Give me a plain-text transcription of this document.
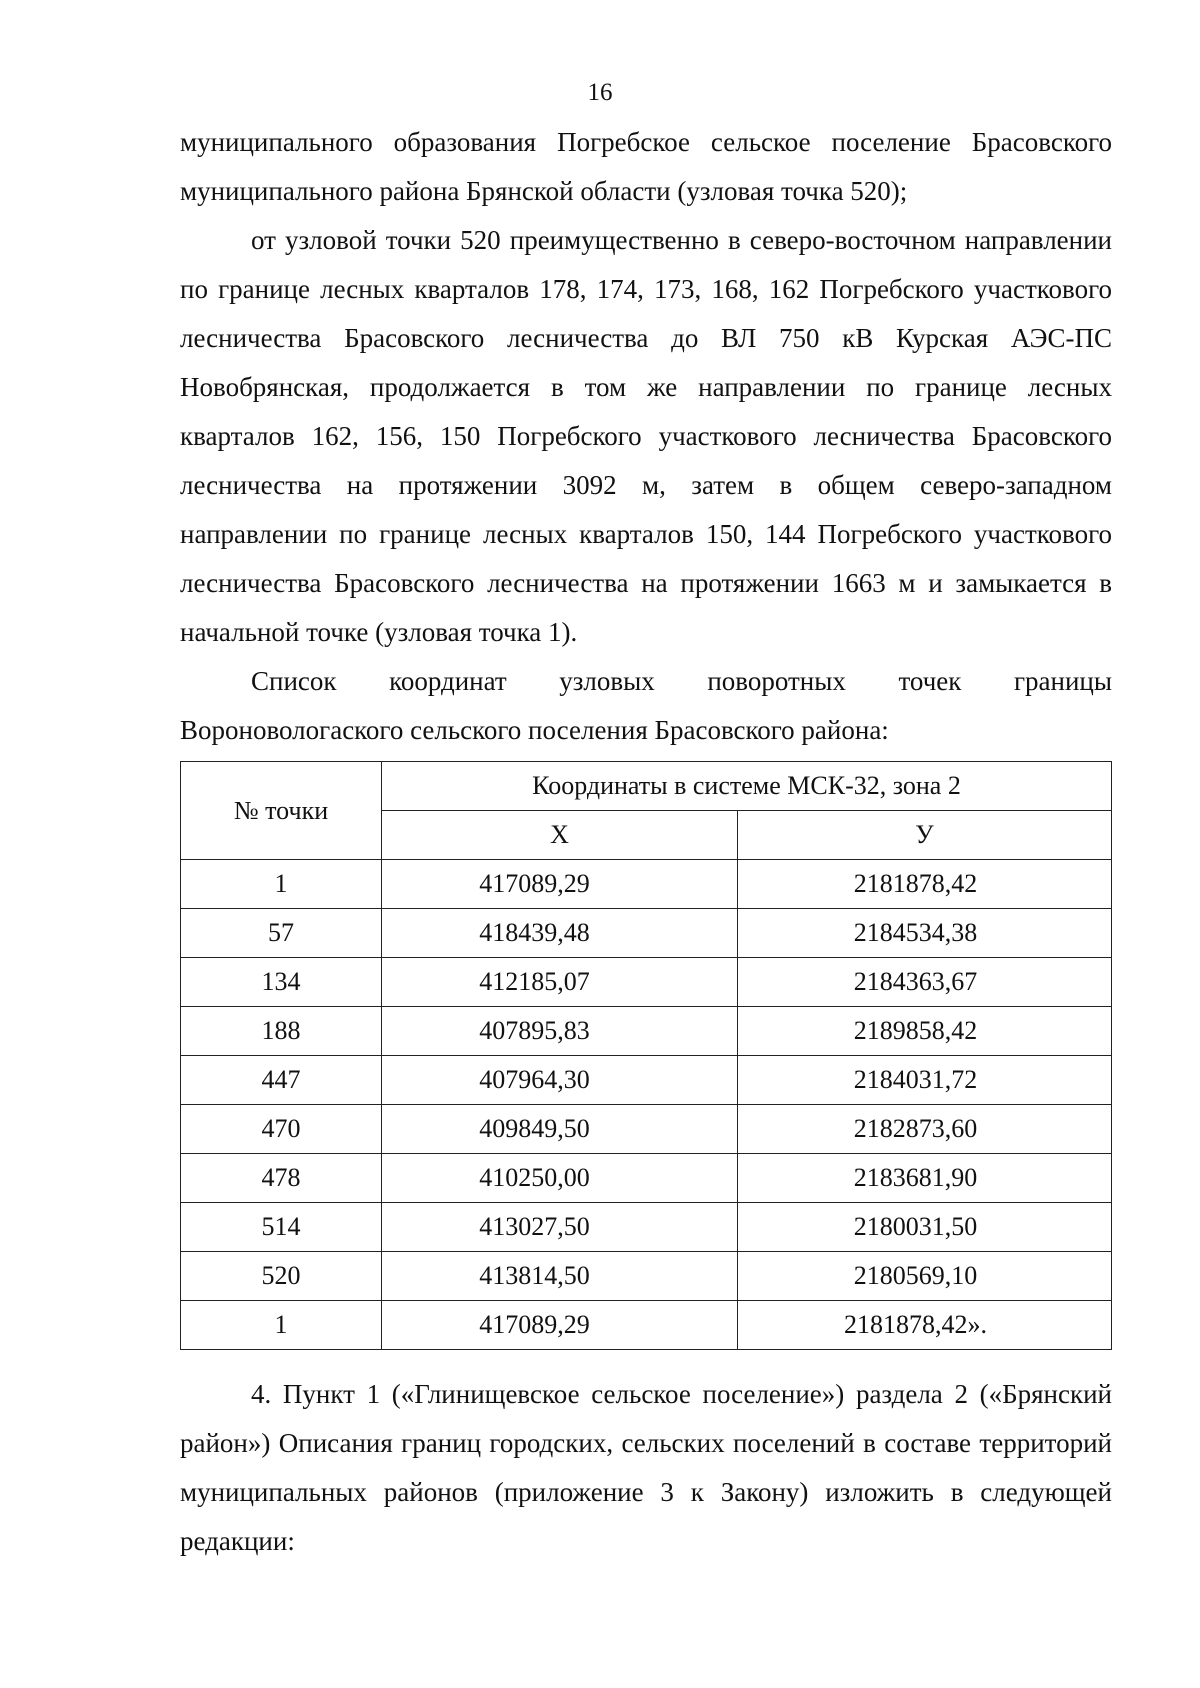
16

муниципального образования Погребское сельское поселение Брасовского муниципального района Брянской области (узловая точка 520);

от узловой точки 520 преимущественно в северо-восточном направлении по границе лесных кварталов 178, 174, 173, 168, 162 Погребского участкового лесничества Брасовского лесничества до ВЛ 750 кВ Курская АЭС-ПС Новобрянская, продолжается в том же направлении по границе лесных кварталов 162, 156, 150 Погребского участкового лесничества Брасовского лесничества на протяжении 3092 м, затем в общем северо-западном направлении по границе лесных кварталов 150, 144 Погребского участкового лесничества Брасовского лесничества на протяжении 1663 м и замыкается в начальной точке (узловая точка 1).

Список координат узловых поворотных точек границы Вороновологаского сельского поселения Брасовского района:

№ точки	Координаты в системе МСК-32, зона 2	
	Х	У
1	417089,29	2181878,42
57	418439,48	2184534,38
134	412185,07	2184363,67
188	407895,83	2189858,42
447	407964,30	2184031,72
470	409849,50	2182873,60
478	410250,00	2183681,90
514	413027,50	2180031,50
520	413814,50	2180569,10
1	417089,29	2181878,42».

4. Пункт 1 («Глинищевское сельское поселение») раздела 2 («Брянский район») Описания границ городских, сельских поселений в составе территорий муниципальных районов (приложение 3 к Закону) изложить в следующей редакции:
